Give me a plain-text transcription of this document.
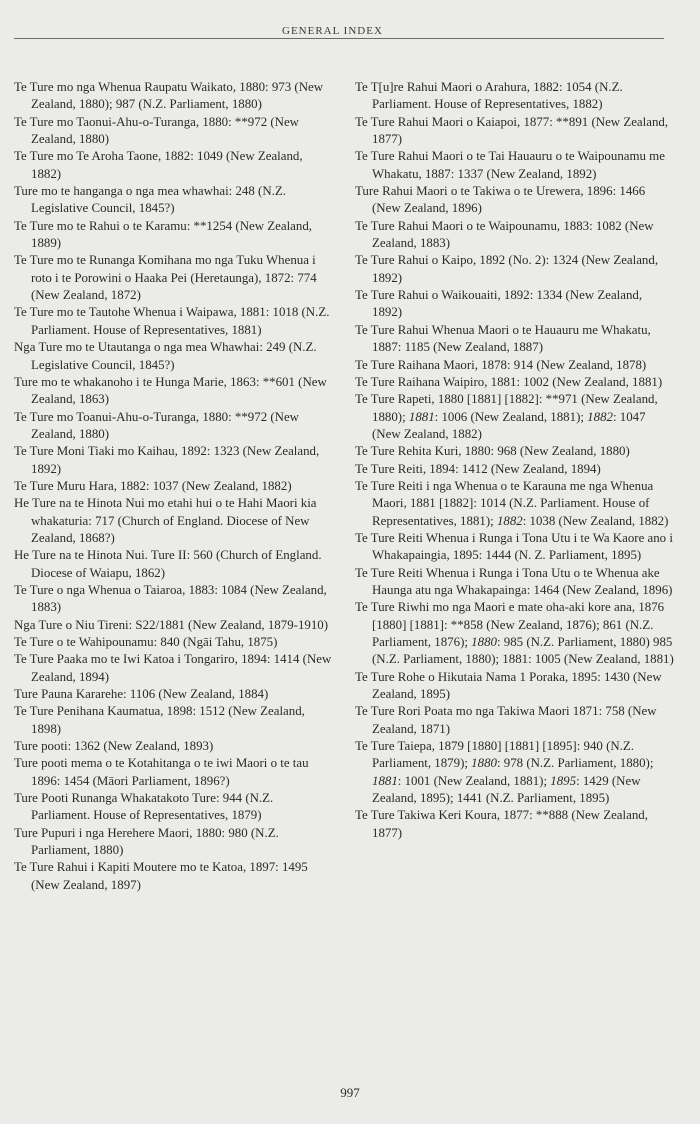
GENERAL INDEX

Te Ture mo nga Whenua Raupatu Waikato, 1880: 973 (New Zealand, 1880); 987 (N.Z. Parliament, 1880)

Te Ture mo Taonui-Ahu-o-Turanga, 1880: **972 (New Zealand, 1880)

Te Ture mo Te Aroha Taone, 1882: 1049 (New Zealand, 1882)

Ture mo te hanganga o nga mea whawhai: 248 (N.Z. Legislative Council, 1845?)

Te Ture mo te Rahui o te Karamu: **1254 (New Zealand, 1889)

Te Ture mo te Runanga Komihana mo nga Tuku Whenua i roto i te Porowini o Haaka Pei (Heretaunga), 1872: 774 (New Zealand, 1872)

Te Ture mo te Tautohe Whenua i Waipawa, 1881: 1018 (N.Z. Parliament. House of Representatives, 1881)

Nga Ture mo te Utautanga o nga mea Whawhai: 249 (N.Z. Legislative Council, 1845?)

Ture mo te whakanoho i te Hunga Marie, 1863: **601 (New Zealand, 1863)

Te Ture mo Toanui-Ahu-o-Turanga, 1880: **972 (New Zealand, 1880)

Te Ture Moni Tiaki mo Kaihau, 1892: 1323 (New Zealand, 1892)

Te Ture Muru Hara, 1882: 1037 (New Zealand, 1882)

He Ture na te Hinota Nui mo etahi hui o te Hahi Maori kia whakaturia: 717 (Church of England. Diocese of New Zealand, 1868?)

He Ture na te Hinota Nui. Ture II: 560 (Church of England. Diocese of Waiapu, 1862)

Te Ture o nga Whenua o Taiaroa, 1883: 1084 (New Zealand, 1883)

Nga Ture o Niu Tireni: S22/1881 (New Zealand, 1879-1910)

Te Ture o te Wahipounamu: 840 (Ngāi Tahu, 1875)

Te Ture Paaka mo te Iwi Katoa i Tongariro, 1894: 1414 (New Zealand, 1894)

Ture Pauna Kararehe: 1106 (New Zealand, 1884)

Te Ture Penihana Kaumatua, 1898: 1512 (New Zealand, 1898)

Ture pooti: 1362 (New Zealand, 1893)

Ture pooti mema o te Kotahitanga o te iwi Maori o te tau 1896: 1454 (Māori Parliament, 1896?)

Ture Pooti Runanga Whakatakoto Ture: 944 (N.Z. Parliament. House of Representatives, 1879)

Ture Pupuri i nga Herehere Maori, 1880: 980 (N.Z. Parliament, 1880)

Te Ture Rahui i Kapiti Moutere mo te Katoa, 1897: 1495 (New Zealand, 1897)

Te T[u]re Rahui Maori o Arahura, 1882: 1054 (N.Z. Parliament. House of Representatives, 1882)

Te Ture Rahui Maori o Kaiapoi, 1877: **891 (New Zealand, 1877)

Te Ture Rahui Maori o te Tai Hauauru o te Waipounamu me Whakatu, 1887: 1337 (New Zealand, 1892)

Ture Rahui Maori o te Takiwa o te Urewera, 1896: 1466 (New Zealand, 1896)

Te Ture Rahui Maori o te Waipounamu, 1883: 1082 (New Zealand, 1883)

Te Ture Rahui o Kaipo, 1892 (No. 2): 1324 (New Zealand, 1892)

Te Ture Rahui o Waikouaiti, 1892: 1334 (New Zealand, 1892)

Te Ture Rahui Whenua Maori o te Hauauru me Whakatu, 1887: 1185 (New Zealand, 1887)

Te Ture Raihana Maori, 1878: 914 (New Zealand, 1878)

Te Ture Raihana Waipiro, 1881: 1002 (New Zealand, 1881)

Te Ture Rapeti, 1880 [1881] [1882]: **971 (New Zealand, 1880); 1881: 1006 (New Zealand, 1881); 1882: 1047 (New Zealand, 1882)

Te Ture Rehita Kuri, 1880: 968 (New Zealand, 1880)

Te Ture Reiti, 1894: 1412 (New Zealand, 1894)

Te Ture Reiti i nga Whenua o te Karauna me nga Whenua Maori, 1881 [1882]: 1014 (N.Z. Parliament. House of Representatives, 1881); 1882: 1038 (New Zealand, 1882)

Te Ture Reiti Whenua i Runga i Tona Utu i te Wa Kaore ano i Whakapaingia, 1895: 1444 (N. Z. Parliament, 1895)

Te Ture Reiti Whenua i Runga i Tona Utu o te Whenua ake Haunga atu nga Whakapainga: 1464 (New Zealand, 1896)

Te Ture Riwhi mo nga Maori e mate oha-aki kore ana, 1876 [1880] [1881]: **858 (New Zealand, 1876); 861 (N.Z. Parliament, 1876); 1880: 985 (N.Z. Parliament, 1880) 985 (N.Z. Parliament, 1880); 1881: 1005 (New Zealand, 1881)

Te Ture Rohe o Hikutaia Nama 1 Poraka, 1895: 1430 (New Zealand, 1895)

Te Ture Rori Poata mo nga Takiwa Maori 1871: 758 (New Zealand, 1871)

Te Ture Taiepa, 1879 [1880] [1881] [1895]: 940 (N.Z. Parliament, 1879); 1880: 978 (N.Z. Parliament, 1880); 1881: 1001 (New Zealand, 1881); 1895: 1429 (New Zealand, 1895); 1441 (N.Z. Parliament, 1895)

Te Ture Takiwa Keri Koura, 1877: **888 (New Zealand, 1877)

997
